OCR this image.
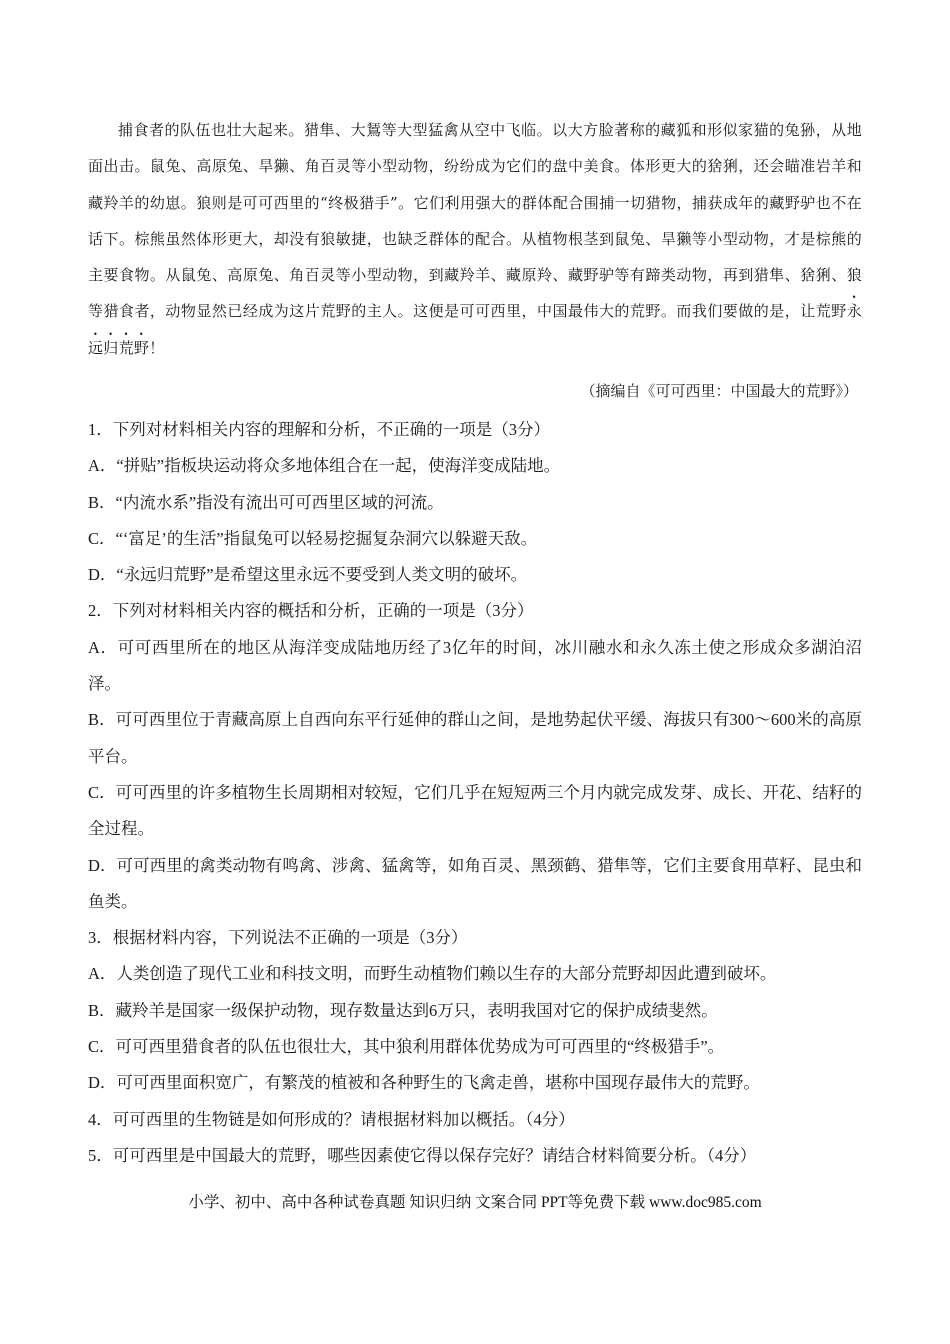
捕食者的队伍也壮大起来。猎隼、大鵟等大型猛禽从空中飞临。以大方脸著称的藏狐和形似家猫的兔狲，从地面出击。鼠兔、高原兔、旱獭、角百灵等小型动物，纷纷成为它们的盘中美食。体形更大的猞猁，还会瞄准岩羊和藏羚羊的幼崽。狼则是可可西里的“终极猎手”。它们利用强大的群体配合围捕一切猎物，捕获成年的藏野驴也不在话下。棕熊虽然体形更大，却没有狼敏捷，也缺乏群体的配合。从植物根茎到鼠兔、旱獭等小型动物，才是棕熊的主要食物。从鼠兔、高原兔、角百灵等小型动物，到藏羚羊、藏原羚、藏野驴等有蹄类动物，再到猎隼、猞猁、狼等猎食者，动物显然已经成为这片荒野的主人。这便是可可西里，中国最伟大的荒野。而我们要做的是，让荒野永远归荒野！

（摘编自《可可西里：中国最大的荒野》）

1．下列对材料相关内容的理解和分析，不正确的一项是（3分）

A．“拼贴”指板块运动将众多地体组合在一起，使海洋变成陆地。

B．“内流水系”指没有流出可可西里区域的河流。

C．“‘富足’的生活”指鼠兔可以轻易挖掘复杂洞穴以躲避天敌。

D．“永远归荒野”是希望这里永远不要受到人类文明的破坏。

2．下列对材料相关内容的概括和分析，正确的一项是（3分）

A．可可西里所在的地区从海洋变成陆地历经了3亿年的时间，冰川融水和永久冻土使之形成众多湖泊沼泽。

B．可可西里位于青藏高原上自西向东平行延伸的群山之间，是地势起伏平缓、海拔只有300～600米的高原平台。

C．可可西里的许多植物生长周期相对较短，它们几乎在短短两三个月内就完成发芽、成长、开花、结籽的全过程。

D．可可西里的禽类动物有鸣禽、涉禽、猛禽等，如角百灵、黑颈鹤、猎隼等，它们主要食用草籽、昆虫和鱼类。

3．根据材料内容，下列说法不正确的一项是（3分）

A．人类创造了现代工业和科技文明，而野生动植物们赖以生存的大部分荒野却因此遭到破坏。

B．藏羚羊是国家一级保护动物，现存数量达到6万只，表明我国对它的保护成绩斐然。

C．可可西里猎食者的队伍也很壮大，其中狼利用群体优势成为可可西里的“终极猎手”。

D．可可西里面积宽广，有繁茂的植被和各种野生的飞禽走兽，堪称中国现存最伟大的荒野。

4．可可西里的生物链是如何形成的？请根据材料加以概括。（4分）

5．可可西里是中国最大的荒野，哪些因素使它得以保存完好？请结合材料简要分析。（4分）

小学、初中、高中各种试卷真题 知识归纳 文案合同 PPT等免费下载 www.doc985.com
